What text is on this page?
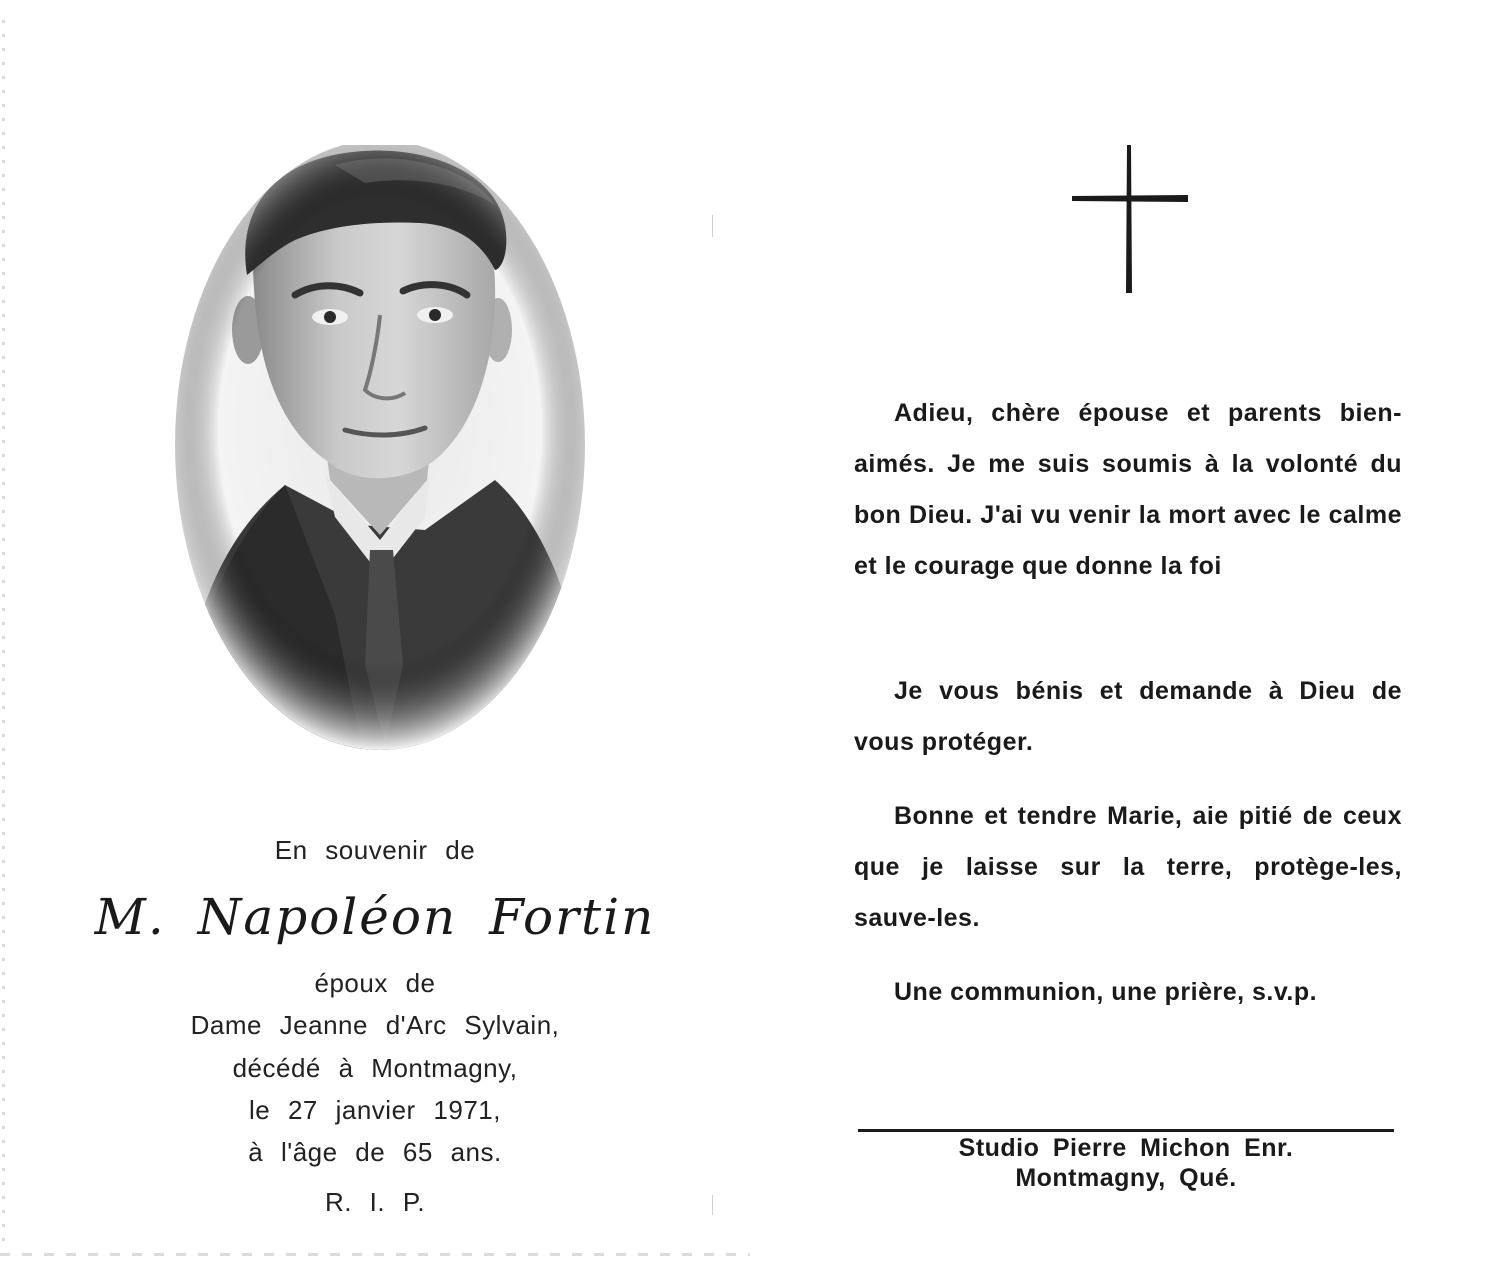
En souvenir de
M. Napoléon Fortin
époux de
Dame Jeanne d'Arc Sylvain,
décédé à Montmagny,
le 27 janvier 1971,
à l'âge de 65 ans.
R. I. P.

Adieu, chère épouse et parents bien-aimés. Je me suis soumis à la volonté du bon Dieu. J'ai vu venir la mort avec le calme et le courage que donne la foi

Je vous bénis et demande à Dieu de vous protéger.

Bonne et tendre Marie, aie pitié de ceux que je laisse sur la terre, protège-les, sauve-les.

Une communion, une prière, s.v.p.

Studio Pierre Michon Enr.
Montmagny, Qué.
